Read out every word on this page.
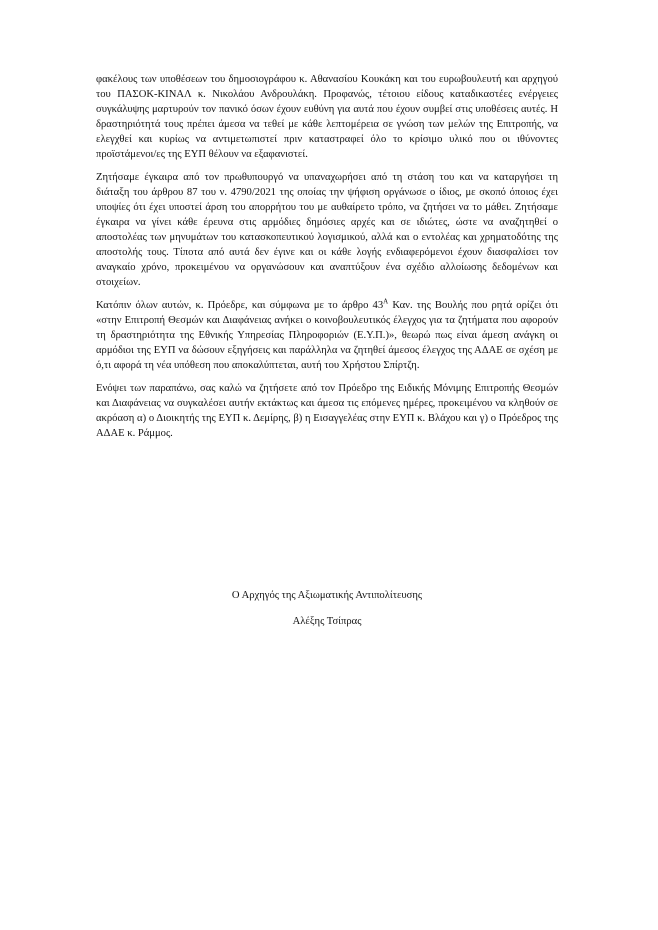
φακέλους των υποθέσεων του δημοσιογράφου κ. Αθανασίου Κουκάκη και του ευρωβουλευτή και αρχηγού του ΠΑΣΟΚ-ΚΙΝΑΛ κ. Νικολάου Ανδρουλάκη. Προφανώς, τέτοιου είδους καταδικαστέες ενέργειες συγκάλυψης μαρτυρούν τον πανικό όσων έχουν ευθύνη για αυτά που έχουν συμβεί στις υποθέσεις αυτές. Η δραστηριότητά τους πρέπει άμεσα να τεθεί με κάθε λεπτομέρεια σε γνώση των μελών της Επιτροπής, να ελεγχθεί και κυρίως να αντιμετωπιστεί πριν καταστραφεί όλο το κρίσιμο υλικό που οι ιθύνοντες προϊστάμενοι/ες της ΕΥΠ θέλουν να εξαφανιστεί.

Ζητήσαμε έγκαιρα από τον πρωθυπουργό να υπαναχωρήσει από τη στάση του και να καταργήσει τη διάταξη του άρθρου 87 του ν. 4790/2021 της οποίας την ψήφιση οργάνωσε ο ίδιος, με σκοπό όποιος έχει υποψίες ότι έχει υποστεί άρση του απορρήτου του με αυθαίρετο τρόπο, να ζητήσει να το μάθει. Ζητήσαμε έγκαιρα να γίνει κάθε έρευνα στις αρμόδιες δημόσιες αρχές και σε ιδιώτες, ώστε να αναζητηθεί ο αποστολέας των μηνυμάτων του κατασκοπευτικού λογισμικού, αλλά και ο εντολέας και χρηματοδότης της αποστολής τους. Τίποτα από αυτά δεν έγινε και οι κάθε λογής ενδιαφερόμενοι έχουν διασφαλίσει τον αναγκαίο χρόνο, προκειμένου να οργανώσουν και αναπτύξουν ένα σχέδιο αλλοίωσης δεδομένων και στοιχείων.

Κατόπιν όλων αυτών, κ. Πρόεδρε, και σύμφωνα με το άρθρο $43^A$ Καν. της Βουλής που ρητά ορίζει ότι «στην Επιτροπή Θεσμών και Διαφάνειας ανήκει ο κοινοβουλευτικός έλεγχος για τα ζητήματα που αφορούν τη δραστηριότητα της Εθνικής Υπηρεσίας Πληροφοριών (Ε.Υ.Π.)», θεωρώ πως είναι άμεση ανάγκη οι αρμόδιοι της ΕΥΠ να δώσουν εξηγήσεις και παράλληλα να ζητηθεί άμεσος έλεγχος της ΑΔΑΕ σε σχέση με ό,τι αφορά τη νέα υπόθεση που αποκαλύπτεται, αυτή του Χρήστου Σπίρτζη.

Ενόψει των παραπάνω, σας καλώ να ζητήσετε από τον Πρόεδρο της Ειδικής Μόνιμης Επιτροπής Θεσμών και Διαφάνειας να συγκαλέσει αυτήν εκτάκτως και άμεσα τις επόμενες ημέρες, προκειμένου να κληθούν σε ακρόαση α) ο Διοικητής της ΕΥΠ κ. Δεμίρης, β) η Εισαγγελέας στην ΕΥΠ κ. Βλάχου και γ) ο Πρόεδρος της ΑΔΑΕ κ. Ράμμος.

Ο Αρχηγός της Αξιωματικής Αντιπολίτευσης
Αλέξης Τσίπρας
